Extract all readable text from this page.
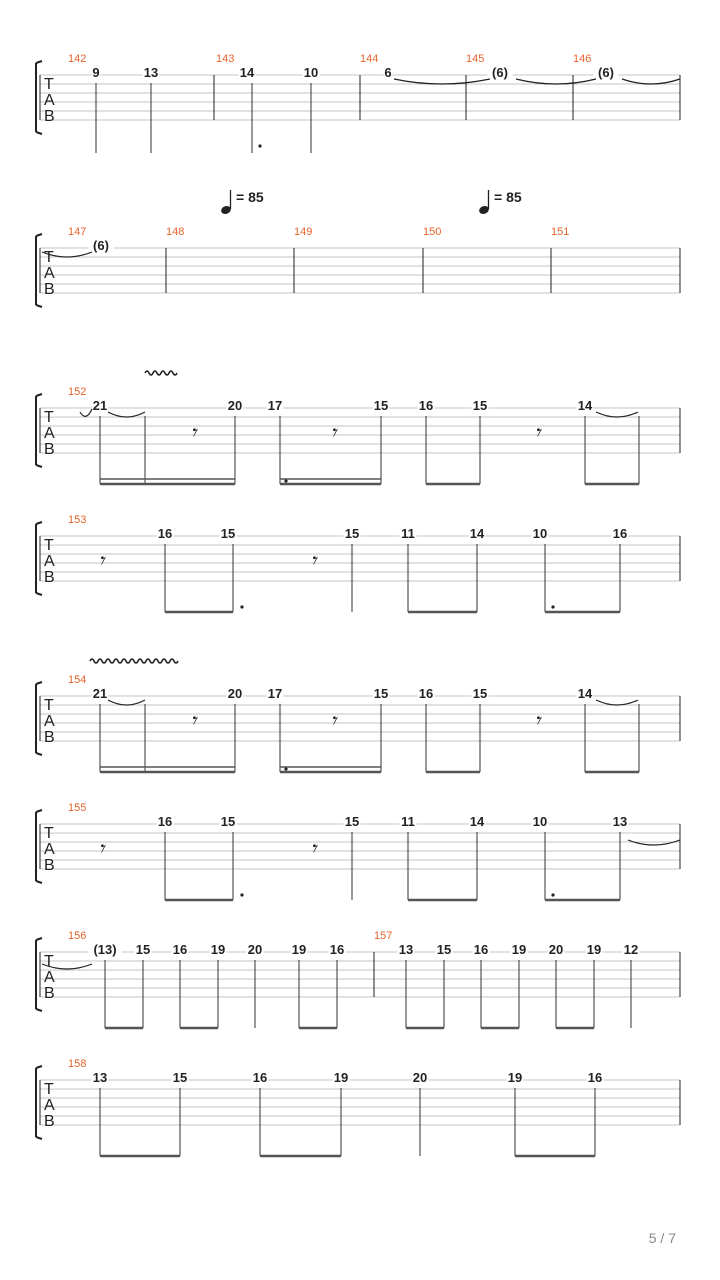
T
A
B
142	143	144	145	146
9	13	14	10	6	(6)	(6)
T
A
B
147	148	149	150	151
(6)
T
A
B
152
21	20 17	15 16	15	14
𝄾	𝄾	𝄾
T
A
B
153
16	15	15	11	14	10	16
𝄾	𝄾
T
A
B
154
21	20 17	15 16	15	14
𝄾	𝄾	𝄾
T
A
B
155
16	15	15	11	14	10	13
𝄾	𝄾
T
A
B
156	157
(13) 15 16 19 20 19 16	13 15 16 19 20 19 12
T
A
B
158
13	15	16	19	20	19	16
= 85	= 85
5 / 7
